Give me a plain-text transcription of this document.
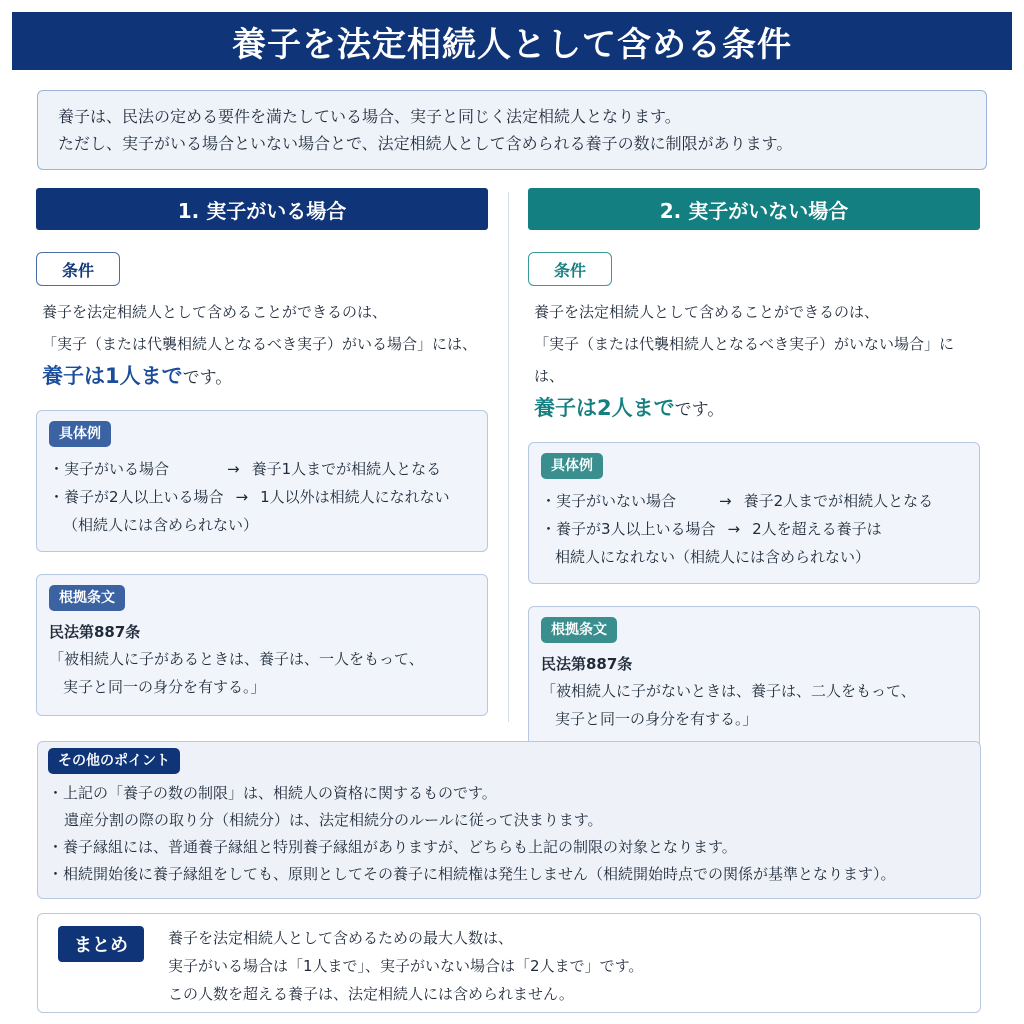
養子を法定相続人として含める条件
養子は、民法の定める要件を満たしている場合、実子と同じく法定相続人となります。
ただし、実子がいる場合といない場合とで、法定相続人として含められる養子の数に制限があります。
1. 実子がいる場合
条件
養子を法定相続人として含めることができるのは、
「実子（または代襲相続人となるべき実子）がいる場合」には、
養子は1人までです。
具体例
・実子がいる場合	→ 養子1人までが相続人となる
・養子が2人以上いる場合 → 1人以外は相続人になれない
（相続人には含められない）
根拠条文
民法第887条
「被相続人に子があるときは、養子は、一人をもって、
実子と同一の身分を有する。」
2. 実子がいない場合
条件
養子を法定相続人として含めることができるのは、
「実子（または代襲相続人となるべき実子）がいない場合」には、
養子は2人までです。
具体例
・実子がいない場合	→ 養子2人までが相続人となる
・養子が3人以上いる場合 → 2人を超える養子は
相続人になれない（相続人には含められない）
根拠条文
民法第887条
「被相続人に子がないときは、養子は、二人をもって、
実子と同一の身分を有する。」
その他のポイント
・上記の「養子の数の制限」は、相続人の資格に関するものです。
遺産分割の際の取り分（相続分）は、法定相続分のルールに従って決まります。
・養子縁組には、普通養子縁組と特別養子縁組がありますが、どちらも上記の制限の対象となります。
・相続開始後に養子縁組をしても、原則としてその養子に相続権は発生しません（相続開始時点での関係が基準となります）。
まとめ	養子を法定相続人として含めるための最大人数は、
実子がいる場合は「1人まで」、実子がいない場合は「2人まで」です。
この人数を超える養子は、法定相続人には含められません。
